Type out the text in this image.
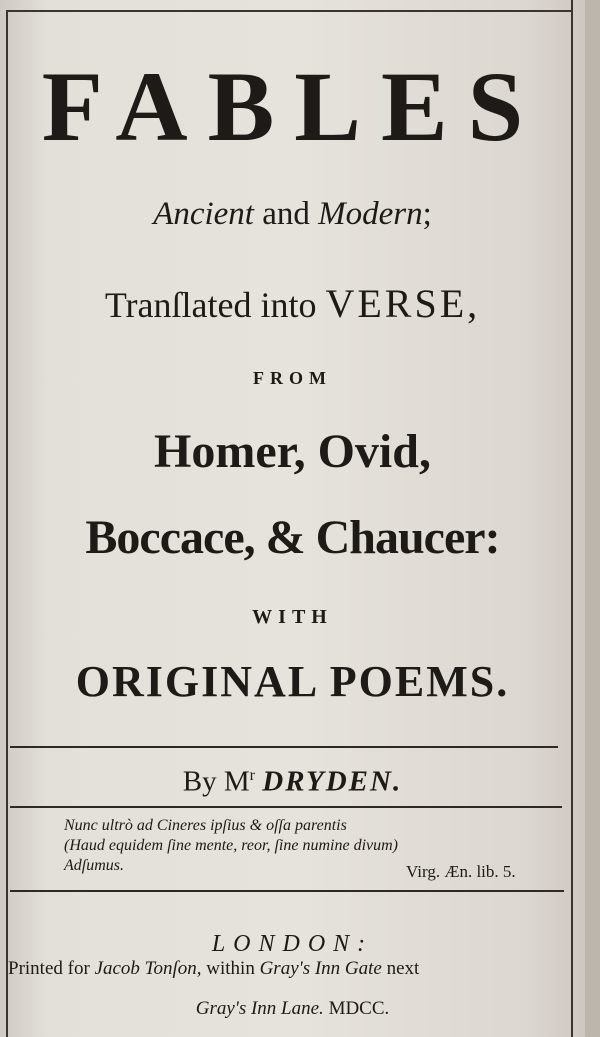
FABLES
Ancient and Modern;
Tranſlated into VERSE,
FROM
Homer, Ovid,
Boccace, & Chaucer:
WITH
ORIGINAL POEMS.
By $M^r$ DRYDEN.
Nunc ultrò ad Cineres ipſius & oſſa parentis
(Haud equidem ſine mente, reor, ſine numine divum)
Adſumus.	Virg. Æn. lib. 5.
LONDON:
Printed for Jacob Tonſon, within Gray's Inn Gate next
Gray's Inn Lane. MDCC.
